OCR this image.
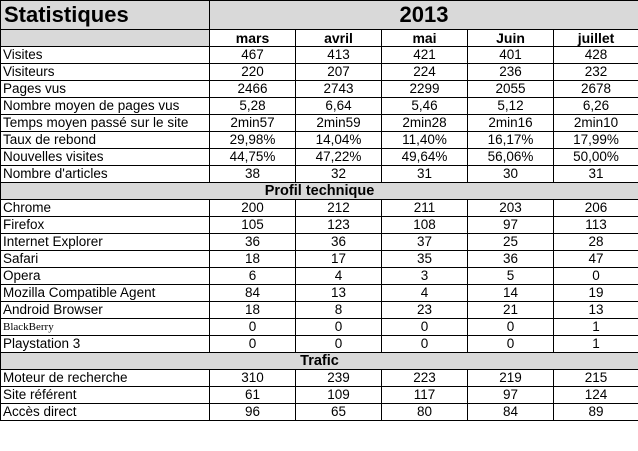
Statistiques	2013				
	mars	avril	mai	Juin	juillet
Visites	467	413	421	401	428
Visiteurs	220	207	224	236	232
Pages vus	2466	2743	2299	2055	2678
Nombre moyen de pages vus	5,28	6,64	5,46	5,12	6,26
Temps moyen passé sur le site	2min57	2min59	2min28	2min16	2min10
Taux de rebond	29,98%	14,04%	11,40%	16,17%	17,99%
Nouvelles visites	44,75%	47,22%	49,64%	56,06%	50,00%
Nombre d'articles	38	32	31	30	31
Profil technique					
Chrome	200	212	211	203	206
Firefox	105	123	108	97	113
Internet Explorer	36	36	37	25	28
Safari	18	17	35	36	47
Opera	6	4	3	5	0
Mozilla Compatible Agent	84	13	4	14	19
Android Browser	18	8	23	21	13
BlackBerry	0	0	0	0	1
Playstation 3	0	0	0	0	1
Trafic					
Moteur de recherche	310	239	223	219	215
Site référent	61	109	117	97	124
Accès direct	96	65	80	84	89
